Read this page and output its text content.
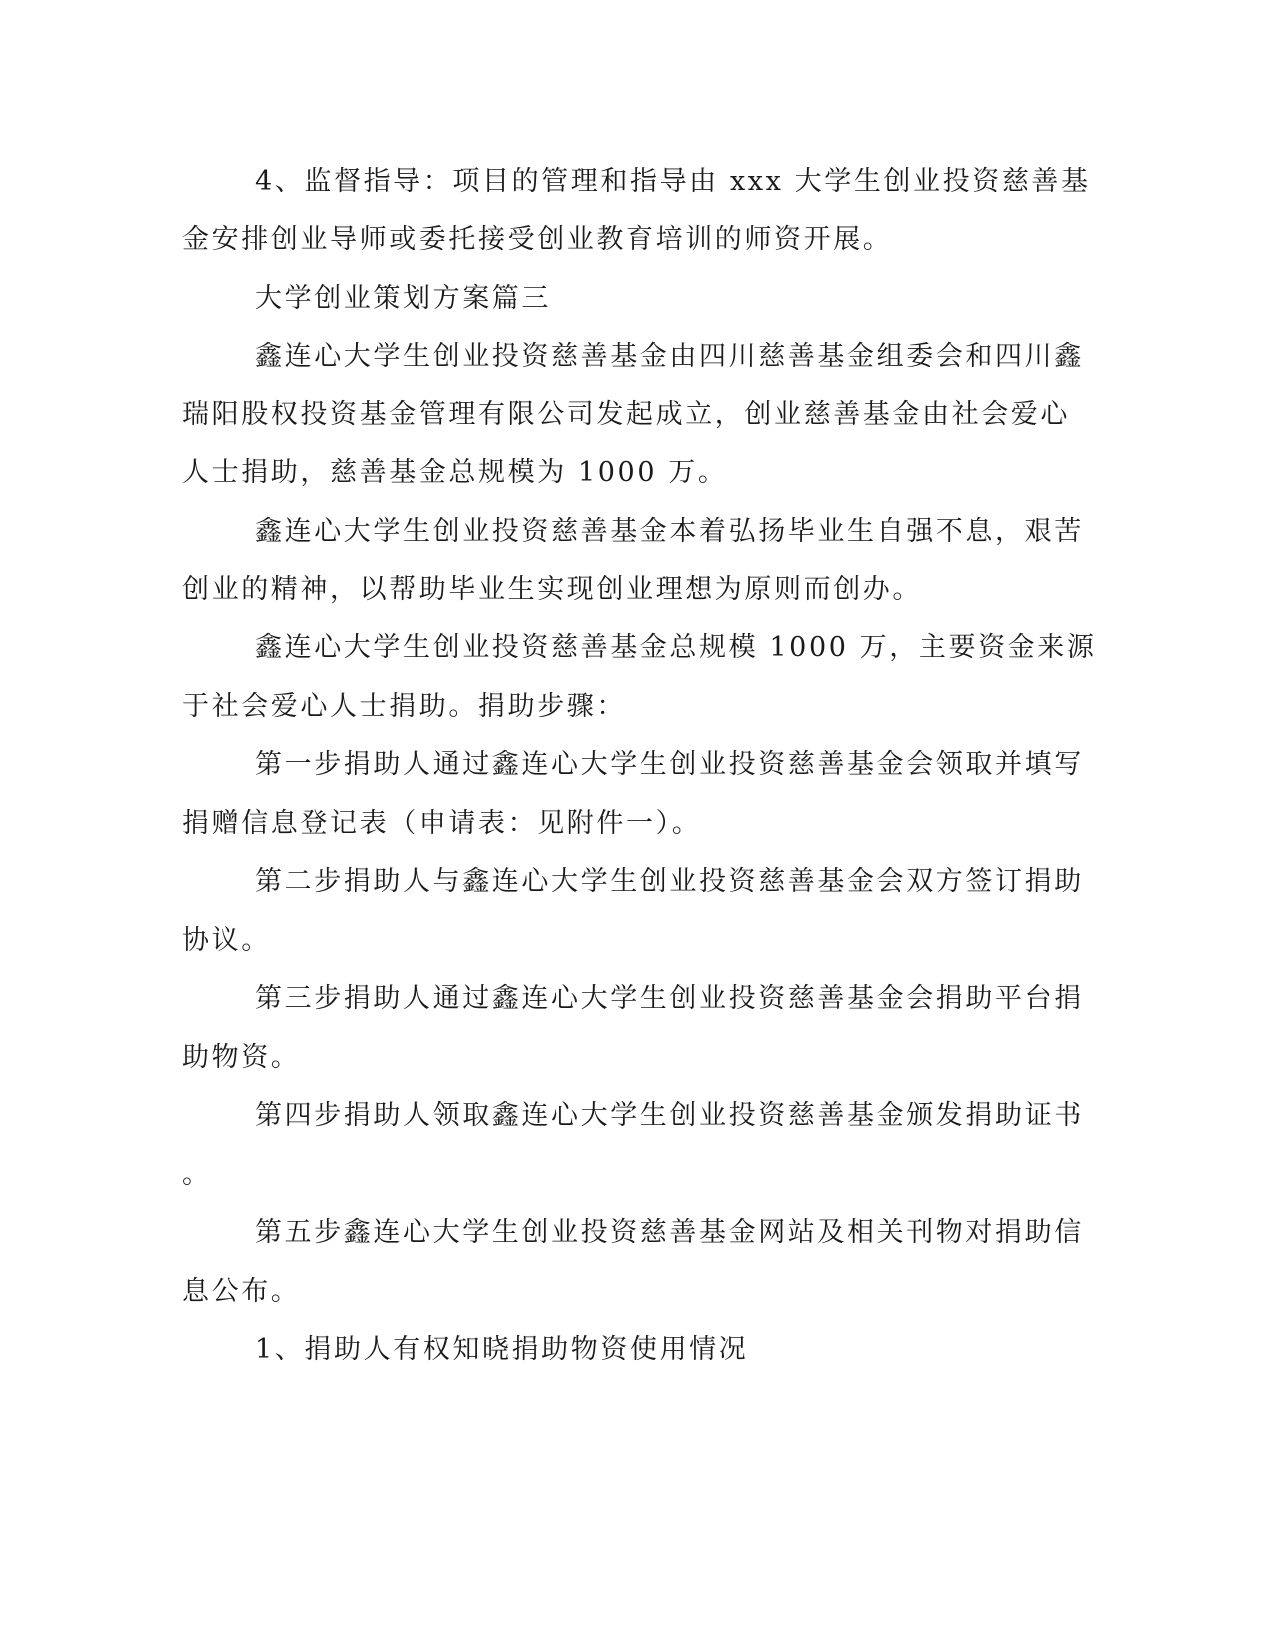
4、监督指导：项目的管理和指导由 xxx 大学生创业投资慈善基
金安排创业导师或委托接受创业教育培训的师资开展。
大学创业策划方案篇三
鑫连心大学生创业投资慈善基金由四川慈善基金组委会和四川鑫
瑞阳股权投资基金管理有限公司发起成立，创业慈善基金由社会爱心
人士捐助，慈善基金总规模为 1000 万。
鑫连心大学生创业投资慈善基金本着弘扬毕业生自强不息，艰苦
创业的精神，以帮助毕业生实现创业理想为原则而创办。
鑫连心大学生创业投资慈善基金总规模 1000 万，主要资金来源
于社会爱心人士捐助。捐助步骤：
第一步捐助人通过鑫连心大学生创业投资慈善基金会领取并填写
捐赠信息登记表（申请表：见附件一）。
第二步捐助人与鑫连心大学生创业投资慈善基金会双方签订捐助
协议。
第三步捐助人通过鑫连心大学生创业投资慈善基金会捐助平台捐
助物资。
第四步捐助人领取鑫连心大学生创业投资慈善基金颁发捐助证书
。
第五步鑫连心大学生创业投资慈善基金网站及相关刊物对捐助信
息公布。
1、捐助人有权知晓捐助物资使用情况
